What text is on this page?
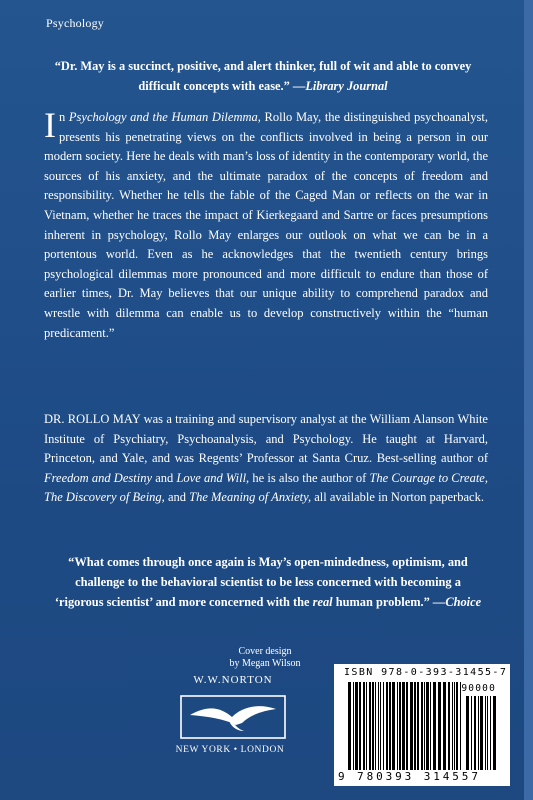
Psychology
“Dr. May is a succinct, positive, and alert thinker, full of wit and able to convey difficult concepts with ease.” —Library Journal
In Psychology and the Human Dilemma, Rollo May, the distinguished psychoanalyst, presents his penetrating views on the conflicts involved in being a person in our modern society. Here he deals with man’s loss of identity in the contemporary world, the sources of his anxiety, and the ultimate paradox of the concepts of freedom and responsibility. Whether he tells the fable of the Caged Man or reflects on the war in Vietnam, whether he traces the impact of Kierkegaard and Sartre or faces presumptions inherent in psychology, Rollo May enlarges our outlook on what we can be in a portentous world. Even as he acknowledges that the twentieth century brings psychological dilemmas more pronounced and more difficult to endure than those of earlier times, Dr. May believes that our unique ability to comprehend paradox and wrestle with dilemma can enable us to develop constructively within the “human predicament.”
DR. ROLLO MAY was a training and supervisory analyst at the William Alanson White Institute of Psychiatry, Psychoanalysis, and Psychology. He taught at Harvard, Princeton, and Yale, and was Regents’ Professor at Santa Cruz. Best-selling author of Freedom and Destiny and Love and Will, he is also the author of The Courage to Create, The Discovery of Being, and The Meaning of Anxiety, all available in Norton paperback.
“What comes through once again is May’s open-mindedness, optimism, and challenge to the behavioral scientist to be less concerned with becoming a ‘rigorous scientist’ and more concerned with the real human problem.” —Choice
Cover design
by Megan Wilson
W.W.NORTON
NEW YORK • LONDON
ISBN 978-0-393-31455-7
90000
9 780393 314557
